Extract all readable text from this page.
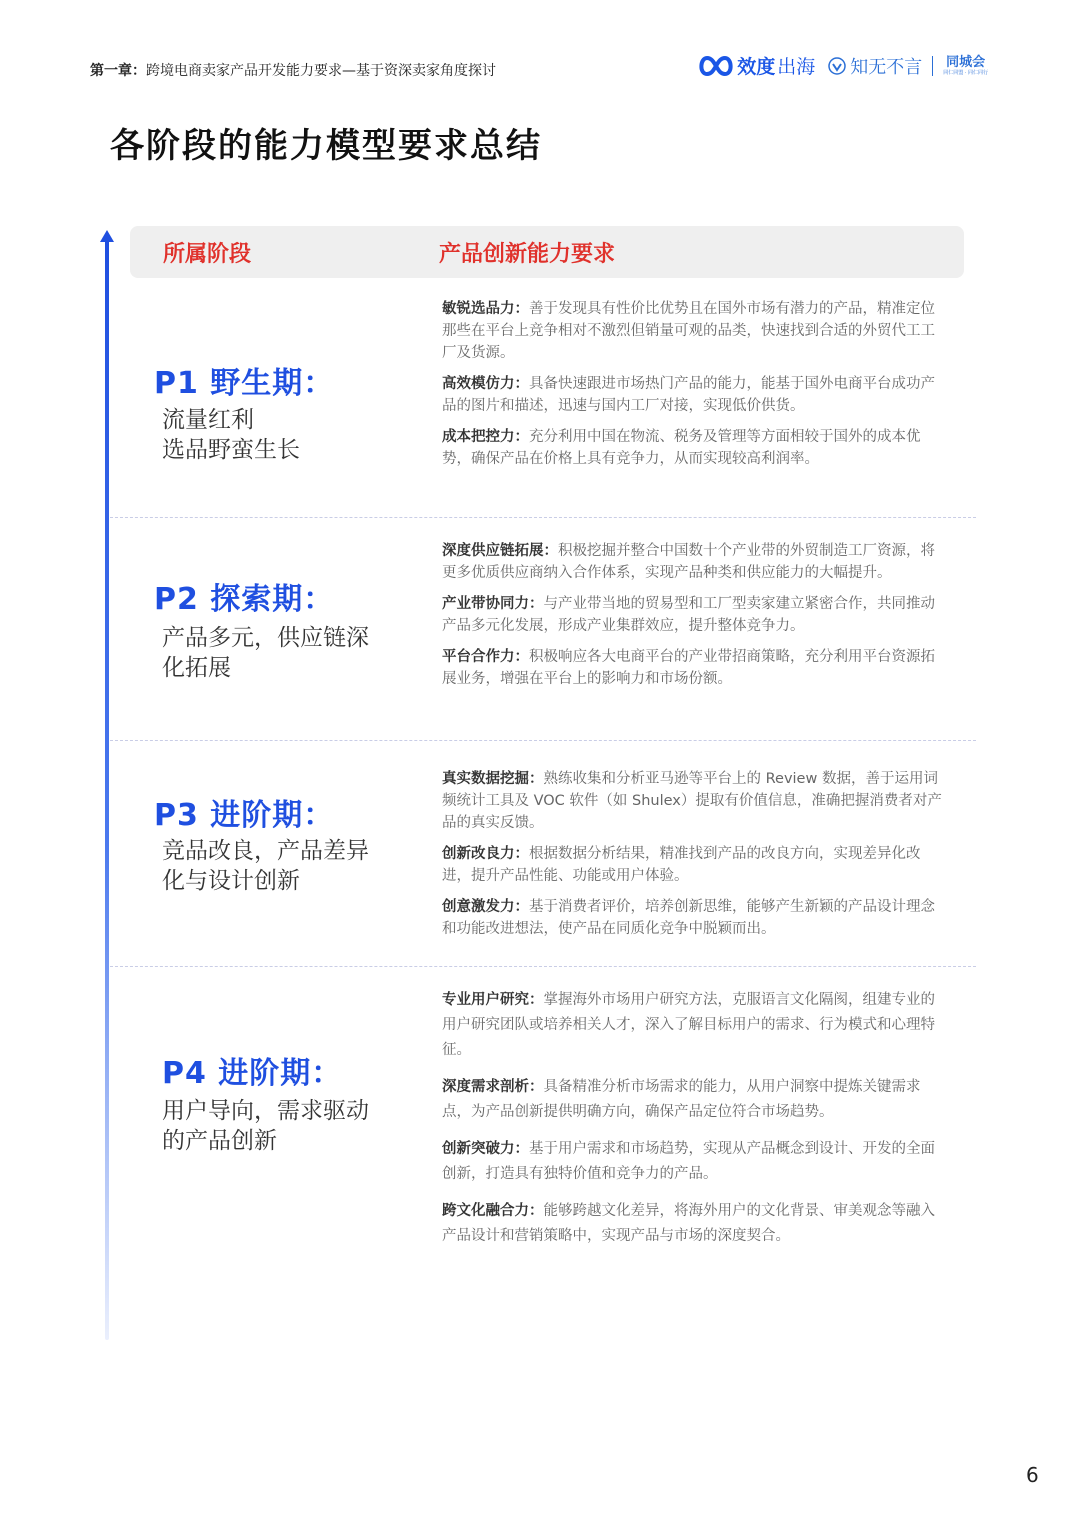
第一章：跨境电商卖家产品开发能力要求—基于资深卖家角度探讨	效度 出海 知无不言 同城会
同仁同盟 · 同仁同行
各阶段的能力模型要求总结
所属阶段	产品创新能力要求
P1 野生期：
流量红利
选品野蛮生长
敏锐选品力：善于发现具有性价比优势且在国外市场有潜力的产品，精准定位那些在平台上竞争相对不激烈但销量可观的品类，快速找到合适的外贸代工工厂及货源。
高效模仿力：具备快速跟进市场热门产品的能力，能基于国外电商平台成功产品的图片和描述，迅速与国内工厂对接，实现低价供货。
成本把控力：充分利用中国在物流、税务及管理等方面相较于国外的成本优势，确保产品在价格上具有竞争力，从而实现较高利润率。
P2 探索期：
产品多元，供应链深
化拓展
深度供应链拓展：积极挖掘并整合中国数十个产业带的外贸制造工厂资源，将更多优质供应商纳入合作体系，实现产品种类和供应能力的大幅提升。
产业带协同力：与产业带当地的贸易型和工厂型卖家建立紧密合作，共同推动产品多元化发展，形成产业集群效应，提升整体竞争力。
平台合作力：积极响应各大电商平台的产业带招商策略，充分利用平台资源拓展业务，增强在平台上的影响力和市场份额。
P3 进阶期：
竞品改良，产品差异
化与设计创新
真实数据挖掘：熟练收集和分析亚马逊等平台上的 Review 数据，善于运用词频统计工具及 VOC 软件（如 Shulex）提取有价值信息，准确把握消费者对产品的真实反馈。
创新改良力：根据数据分析结果，精准找到产品的改良方向，实现差异化改进，提升产品性能、功能或用户体验。
创意激发力：基于消费者评价，培养创新思维，能够产生新颖的产品设计理念和功能改进想法，使产品在同质化竞争中脱颖而出。
P4 进阶期：
用户导向，需求驱动
的产品创新
专业用户研究：掌握海外市场用户研究方法，克服语言文化隔阂，组建专业的用户研究团队或培养相关人才，深入了解目标用户的需求、行为模式和心理特征。
深度需求剖析：具备精准分析市场需求的能力，从用户洞察中提炼关键需求点，为产品创新提供明确方向，确保产品定位符合市场趋势。
创新突破力：基于用户需求和市场趋势，实现从产品概念到设计、开发的全面创新，打造具有独特价值和竞争力的产品。
跨文化融合力：能够跨越文化差异，将海外用户的文化背景、审美观念等融入产品设计和营销策略中，实现产品与市场的深度契合。
6
